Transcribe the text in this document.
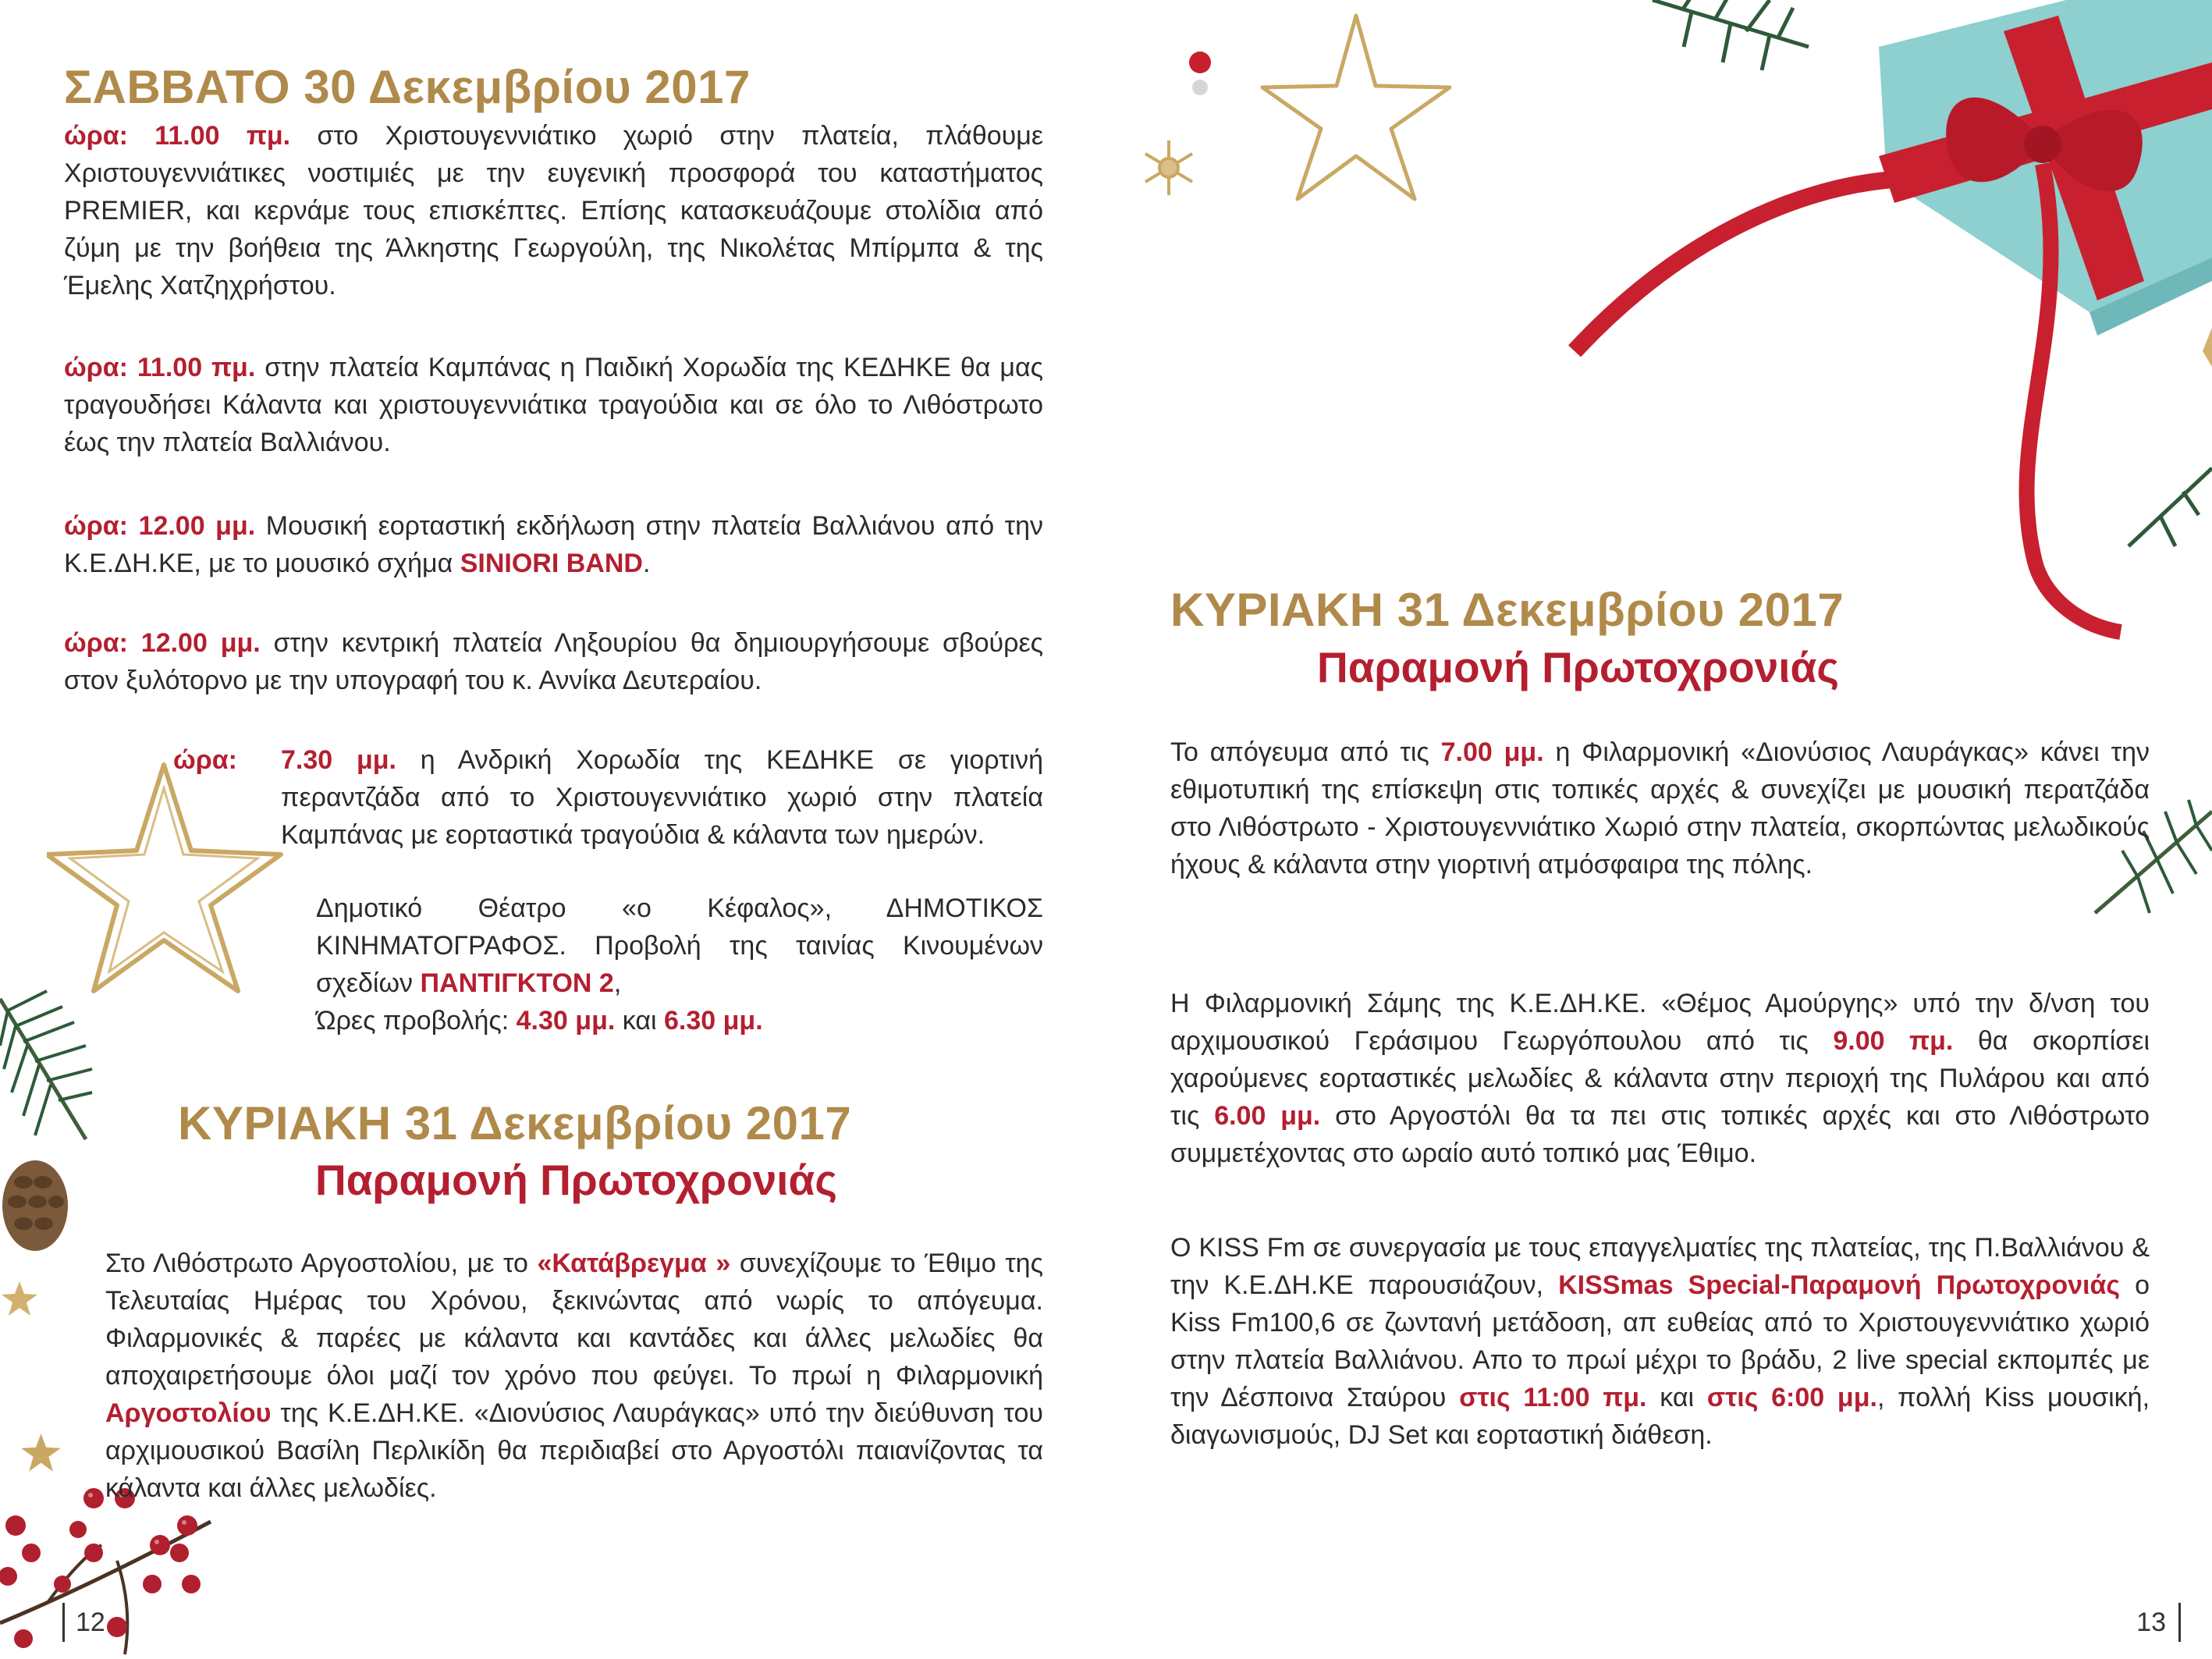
ΣΑΒΒΑΤΟ 30 Δεκεμβρίου 2017

ώρα: 11.00 πμ. στο Χριστουγεννιάτικο χωριό στην πλατεία, πλάθουμε Χριστουγεννιάτικες νοστιμιές με την ευγενική προσφορά του καταστήματος PREMIER, και κερνάμε τους επισκέπτες. Επίσης κατασκευάζουμε στολίδια από ζύμη με την βοήθεια της Άλκηστης Γεωργούλη, της Νικολέτας Μπίρμπα & της Έμελης Χατζηχρήστου.

ώρα: 11.00 πμ. στην πλατεία Καμπάνας η Παιδική Χορωδία της ΚΕΔΗΚΕ θα μας τραγουδήσει Κάλαντα και χριστουγεννιάτικα τραγούδια και σε όλο το Λιθόστρωτο έως την πλατεία Βαλλιάνου.

ώρα: 12.00 μμ. Μουσική εορταστική εκδήλωση στην πλατεία Βαλλιάνου από την Κ.Ε.ΔΗ.ΚΕ, με το μουσικό σχήμα SINIORI BAND.

ώρα: 12.00 μμ. στην κεντρική πλατεία Ληξουρίου θα δημιουργήσουμε σβούρες στον ξυλότορνο με την υπογραφή του κ. Αννίκα Δευτεραίου.

ώρα:	7.30 μμ. η Ανδρική Χορωδία της ΚΕΔΗΚΕ σε γιορτινή περαντζάδα από το Χριστουγεννιάτικο χωριό στην πλατεία Καμπάνας με εορταστικά τραγούδια & κάλαντα των ημερών.

Δημοτικό Θέατρο «ο Κέφαλος», ΔΗΜΟΤΙΚΟΣ ΚΙΝΗΜΑΤΟΓΡΑΦΟΣ. Προβολή της ταινίας Κινουμένων σχεδίων ΠΑΝΤΙΓΚΤΟΝ 2,

Ώρες προβολής: 4.30 μμ. και 6.30 μμ.

ΚΥΡΙΑΚΗ 31 Δεκεμβρίου 2017
Παραμονή Πρωτοχρονιάς

Στο Λιθόστρωτο Αργοστολίου, με το «Κατάβρεγμα » συνεχίζουμε το Έθιμο της Τελευταίας Ημέρας του Χρόνου, ξεκινώντας από νωρίς το απόγευμα. Φιλαρμονικές & παρέες με κάλαντα και καντάδες και άλλες μελωδίες θα αποχαιρετήσουμε όλοι μαζί τον χρόνο που φεύγει. Το πρωί η Φιλαρμονική Αργοστολίου της Κ.Ε.ΔΗ.ΚΕ. «Διονύσιος Λαυράγκας» υπό την διεύθυνση του αρχιμουσικού Βασίλη Περλικίδη θα περιδιαβεί στο Αργοστόλι παιανίζοντας τα κάλαντα και άλλες μελωδίες.

12
ΚΥΡΙΑΚΗ 31 Δεκεμβρίου 2017
Παραμονή Πρωτοχρονιάς

Το απόγευμα από τις 7.00 μμ. η Φιλαρμονική «Διονύσιος Λαυράγκας» κάνει την εθιμοτυπική της επίσκεψη στις τοπικές αρχές & συνεχίζει με μουσική περατζάδα στο Λιθόστρωτο - Χριστουγεννιάτικο Χωριό στην πλατεία, σκορπώντας μελωδικούς ήχους & κάλαντα στην γιορτινή ατμόσφαιρα της πόλης.

Η Φιλαρμονική Σάμης της Κ.Ε.ΔΗ.ΚΕ. «Θέμος Αμούργης» υπό την δ/νση του αρχιμουσικού Γεράσιμου Γεωργόπουλου από τις 9.00 πμ. θα σκορπίσει χαρούμενες εορταστικές μελωδίες & κάλαντα στην περιοχή της Πυλάρου και από τις 6.00 μμ. στο Αργοστόλι θα τα πει στις τοπικές αρχές και στο Λιθόστρωτο συμμετέχοντας στο ωραίο αυτό τοπικό μας Έθιμο.

Ο KISS Fm σε συνεργασία με τους επαγγελματίες της πλατείας, της Π.Βαλλιάνου & την Κ.Ε.ΔΗ.ΚΕ παρουσιάζουν, KISSmas Special-Παραμονή Πρωτοχρονιάς ο Kiss Fm100,6 σε ζωντανή μετάδοση, απ ευθείας από το Χριστουγεννιάτικο χωριό στην πλατεία Βαλλιάνου. Απο το πρωί μέχρι το βράδυ, 2 live special εκπομπές με την Δέσποινα Σταύρου στις 11:00 πμ. και στις 6:00 μμ., πολλή Kiss μουσική, διαγωνισμούς, DJ Set και εορταστική διάθεση.

13
